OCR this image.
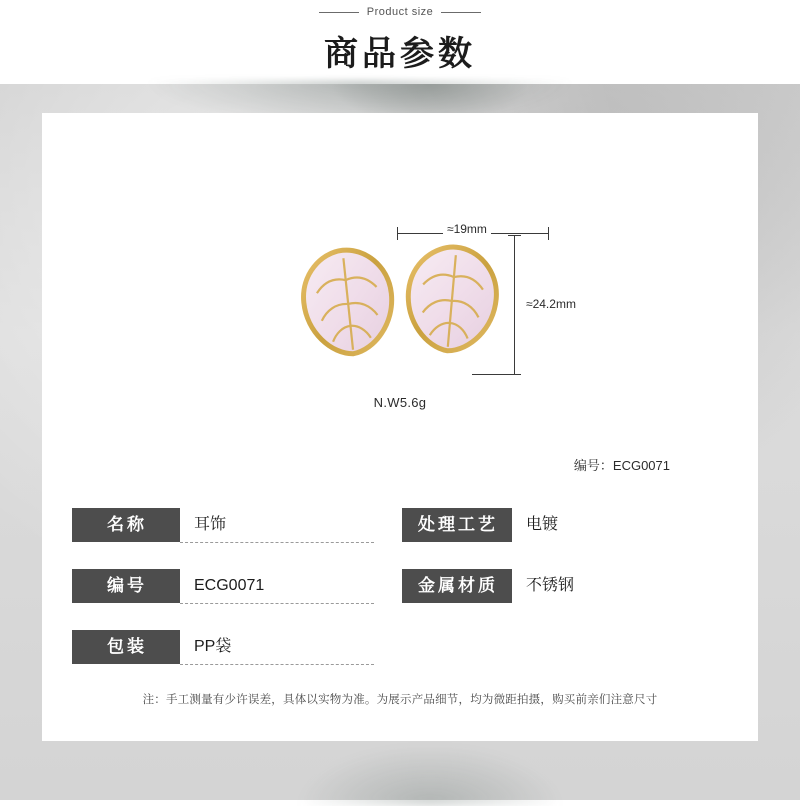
Product size
商品参数
≈19mm
≈24.2mm
N.W5.6g
编号：ECG0071
名称	耳饰	处理工艺	电镀
编号	ECG0071	金属材质	不锈钢
包装	PP袋
注：手工测量有少许误差，具体以实物为准。为展示产品细节，均为微距拍摄，购买前亲们注意尺寸
